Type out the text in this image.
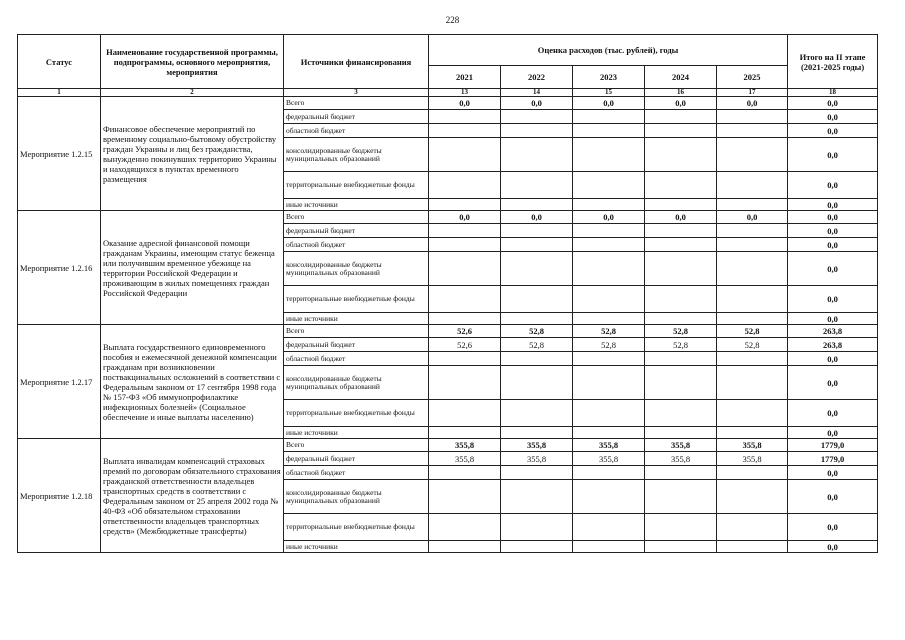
228
Статус	Наименование государственной программы, подпрограммы, основного мероприятия, мероприятия	Источники финансирования	Оценка расходов (тыс. рублей), годы					Итого на II этапе (2021-2025 годы)
			2021	2022	2023	2024	2025	
1	2	3	13	14	15	16	17	18
Мероприятие 1.2.15	Финансовое обеспечение мероприятий по временному социально-бытовому обустройству граждан Украины и лиц без гражданства, вынужденно покинувших территорию Украины и находящихся в пунктах временного размещения	Всего	0,0	0,0	0,0	0,0	0,0	0,0
		федеральный бюджет						0,0
		областной бюджет						0,0
		консолидированные бюджеты муниципальных образований						0,0
		территориальные внебюджетные фонды						0,0
		иные источники						0,0
Мероприятие 1.2.16	Оказание адресной финансовой помощи гражданам Украины, имеющим статус беженца или получившим временное убежище на территории Российской Федерации и проживающим в жилых помещениях граждан Российской Федерации	Всего	0,0	0,0	0,0	0,0	0,0	0,0
		федеральный бюджет						0,0
		областной бюджет						0,0
		консолидированные бюджеты муниципальных образований						0,0
		территориальные внебюджетные фонды						0,0
		иные источники						0,0
Мероприятие 1.2.17	Выплата государственного единовременного пособия и ежемесячной денежной компенсации гражданам при возникновении поствакцинальных осложнений в соответствии с Федеральным законом от 17 сентября 1998 года № 157-ФЗ «Об иммунопрофилактике инфекционных болезней» (Социальное обеспечение и иные выплаты населению)	Всего	52,6	52,8	52,8	52,8	52,8	263,8
		федеральный бюджет	52,6	52,8	52,8	52,8	52,8	263,8
		областной бюджет						0,0
		консолидированные бюджеты муниципальных образований						0,0
		территориальные внебюджетные фонды						0,0
		иные источники						0,0
Мероприятие 1.2.18	Выплата инвалидам компенсаций страховых премий по договорам обязательного страхования гражданской ответственности владельцев транспортных средств в соответствии с Федеральным законом от 25 апреля 2002 года № 40-ФЗ «Об обязательном страховании ответственности владельцев транспортных средств» (Межбюджетные трансферты)	Всего	355,8	355,8	355,8	355,8	355,8	1779,0
		федеральный бюджет	355,8	355,8	355,8	355,8	355,8	1779,0
		областной бюджет						0,0
		консолидированные бюджеты муниципальных образований						0,0
		территориальные внебюджетные фонды						0,0
		иные источники						0,0
